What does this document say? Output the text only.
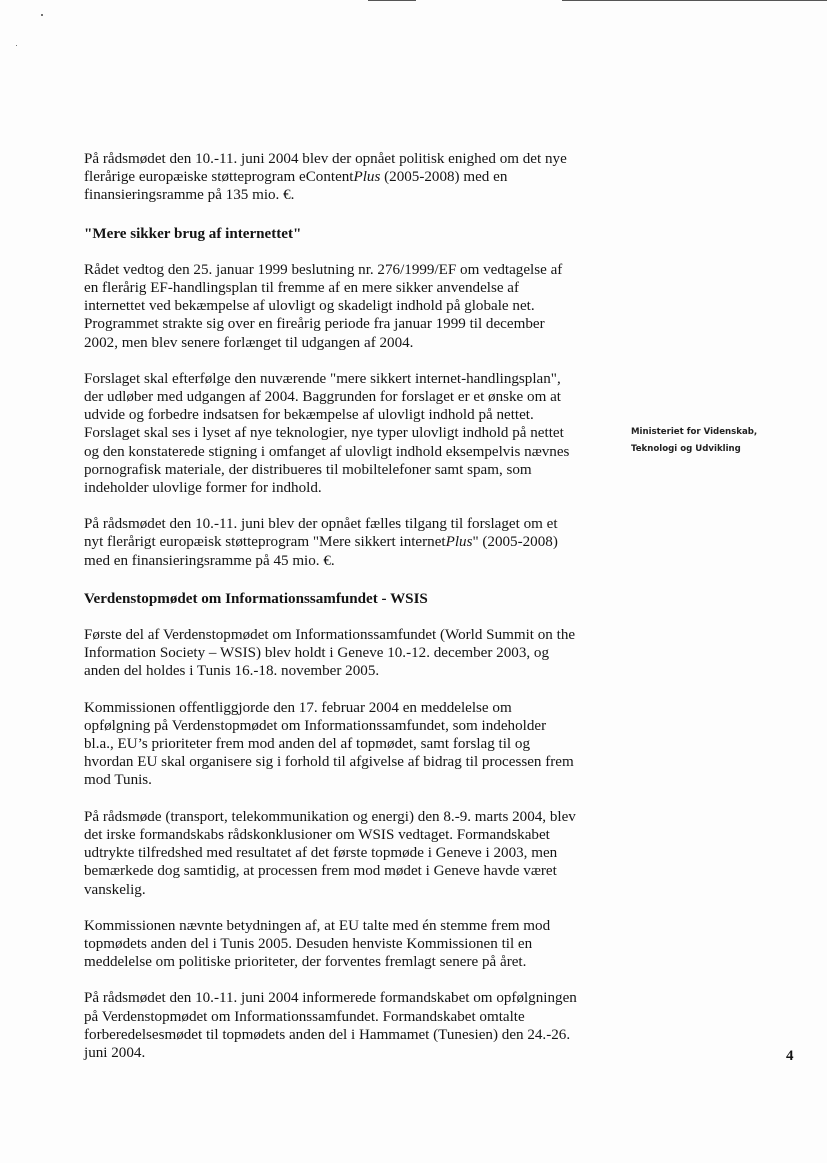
På rådsmødet den 10.-11. juni 2004 blev der opnået politisk enighed om det nye
flerårige europæiske støtteprogram eContentPlus (2005-2008) med en
finansieringsramme på 135 mio. €.

"Mere sikker brug af internettet"

Rådet vedtog den 25. januar 1999 beslutning nr. 276/1999/EF om vedtagelse af
en flerårig EF-handlingsplan til fremme af en mere sikker anvendelse af
internettet ved bekæmpelse af ulovligt og skadeligt indhold på globale net.
Programmet strakte sig over en fireårig periode fra januar 1999 til december
2002, men blev senere forlænget til udgangen af 2004.

Forslaget skal efterfølge den nuværende "mere sikkert internet-handlingsplan",
der udløber med udgangen af 2004. Baggrunden for forslaget er et ønske om at
udvide og forbedre indsatsen for bekæmpelse af ulovligt indhold på nettet.
Forslaget skal ses i lyset af nye teknologier, nye typer ulovligt indhold på nettet
og den konstaterede stigning i omfanget af ulovligt indhold eksempelvis nævnes
pornografisk materiale, der distribueres til mobiltelefoner samt spam, som
indeholder ulovlige former for indhold.

På rådsmødet den 10.-11. juni blev der opnået fælles tilgang til forslaget om et
nyt flerårigt europæisk støtteprogram "Mere sikkert internetPlus" (2005-2008)
med en finansieringsramme på 45 mio. €.

Verdenstopmødet om Informationssamfundet - WSIS

Første del af Verdenstopmødet om Informationssamfundet (World Summit on the
Information Society – WSIS) blev holdt i Geneve 10.-12. december 2003, og
anden del holdes i Tunis 16.-18. november 2005.

Kommissionen offentliggjorde den 17. februar 2004 en meddelelse om
opfølgning på Verdenstopmødet om Informationssamfundet, som indeholder
bl.a., EU’s prioriteter frem mod anden del af topmødet, samt forslag til og
hvordan EU skal organisere sig i forhold til afgivelse af bidrag til processen frem
mod Tunis.

På rådsmøde (transport, telekommunikation og energi) den 8.-9. marts 2004, blev
det irske formandskabs rådskonklusioner om WSIS vedtaget. Formandskabet
udtrykte tilfredshed med resultatet af det første topmøde i Geneve i 2003, men
bemærkede dog samtidig, at processen frem mod mødet i Geneve havde været
vanskelig.

Kommissionen nævnte betydningen af, at EU talte med én stemme frem mod
topmødets anden del i Tunis 2005. Desuden henviste Kommissionen til en
meddelelse om politiske prioriteter, der forventes fremlagt senere på året.

På rådsmødet den 10.-11. juni 2004 informerede formandskabet om opfølgningen
på Verdenstopmødet om Informationssamfundet. Formandskabet omtalte
forberedelsesmødet til topmødets anden del i Hammamet (Tunesien) den 24.-26.
juni 2004.

Ministeriet for Videnskab,
Teknologi og Udvikling
4
